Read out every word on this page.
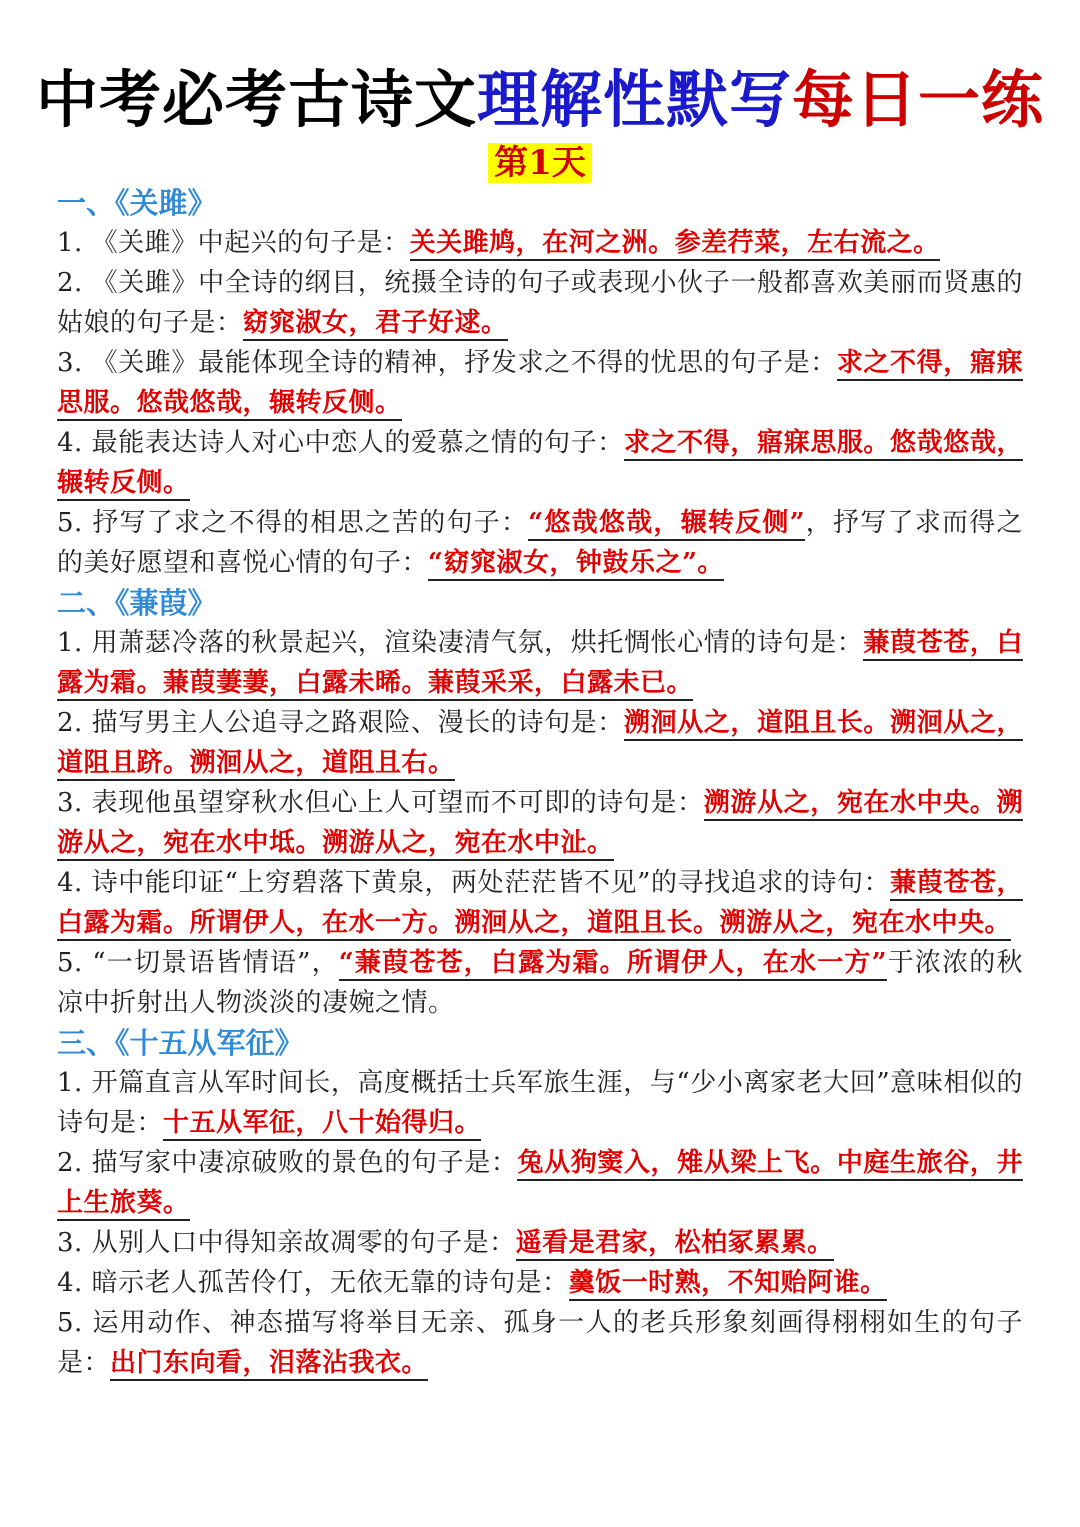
中考必考古诗文理解性默写每日一练
第1天
一、《关雎》
1. 《关雎》中起兴的句子是：关关雎鸠，在河之洲。参差荇菜，左右流之。
2. 《关雎》中全诗的纲目，统摄全诗的句子或表现小伙子一般都喜欢美丽而贤惠的姑娘的句子是：窈窕淑女，君子好逑。
3. 《关雎》最能体现全诗的精神，抒发求之不得的忧思的句子是：求之不得，寤寐思服。悠哉悠哉，辗转反侧。
4. 最能表达诗人对心中恋人的爱慕之情的句子：求之不得，寤寐思服。悠哉悠哉，辗转反侧。
5. 抒写了求之不得的相思之苦的句子：“悠哉悠哉，辗转反侧”，抒写了求而得之的美好愿望和喜悦心情的句子：“窈窕淑女，钟鼓乐之”。
二、《蒹葭》
1. 用萧瑟冷落的秋景起兴，渲染凄清气氛，烘托惆怅心情的诗句是：蒹葭苍苍，白露为霜。蒹葭萋萋，白露未晞。蒹葭采采，白露未已。
2. 描写男主人公追寻之路艰险、漫长的诗句是：溯洄从之，道阻且长。溯洄从之，道阻且跻。溯洄从之，道阻且右。
3. 表现他虽望穿秋水但心上人可望而不可即的诗句是：溯游从之，宛在水中央。溯游从之，宛在水中坻。溯游从之，宛在水中沚。
4. 诗中能印证“上穷碧落下黄泉，两处茫茫皆不见”的寻找追求的诗句：蒹葭苍苍，白露为霜。所谓伊人，在水一方。溯洄从之，道阻且长。溯游从之，宛在水中央。
5. “一切景语皆情语”，“蒹葭苍苍，白露为霜。所谓伊人，在水一方”于浓浓的秋凉中折射出人物淡淡的凄婉之情。
三、《十五从军征》
1. 开篇直言从军时间长，高度概括士兵军旅生涯，与“少小离家老大回”意味相似的诗句是：十五从军征，八十始得归。
2. 描写家中凄凉破败的景色的句子是：兔从狗窦入，雉从梁上飞。中庭生旅谷，井上生旅葵。
3. 从别人口中得知亲故凋零的句子是：遥看是君家，松柏冢累累。
4. 暗示老人孤苦伶仃，无依无靠的诗句是：羹饭一时熟，不知贻阿谁。
5. 运用动作、神态描写将举目无亲、孤身一人的老兵形象刻画得栩栩如生的句子是：出门东向看，泪落沾我衣。
